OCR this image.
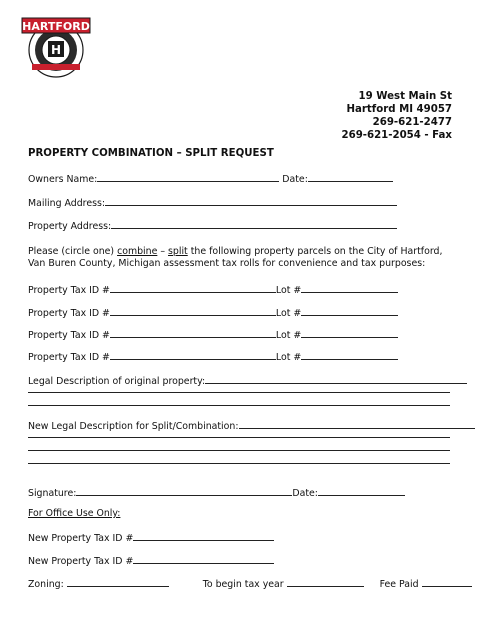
H
HARTFORD
19 West Main St
Hartford MI 49057
269-621-2477
269-621-2054 - Fax
PROPERTY COMBINATION – SPLIT REQUEST
Owners Name:	Date:
Mailing Address:
Property Address:
Please (circle one) combine – split the following property parcels on the City of Hartford, Van Buren County, Michigan assessment tax rolls for convenience and tax purposes:
Property Tax ID #	Lot #
Property Tax ID #	Lot #
Property Tax ID #	Lot #
Property Tax ID #	Lot #
Legal Description of original property:
New Legal Description for Split/Combination:
Signature:	Date:
For Office Use Only:
New Property Tax ID #
New Property Tax ID #
Zoning:	To begin tax year	Fee Paid
